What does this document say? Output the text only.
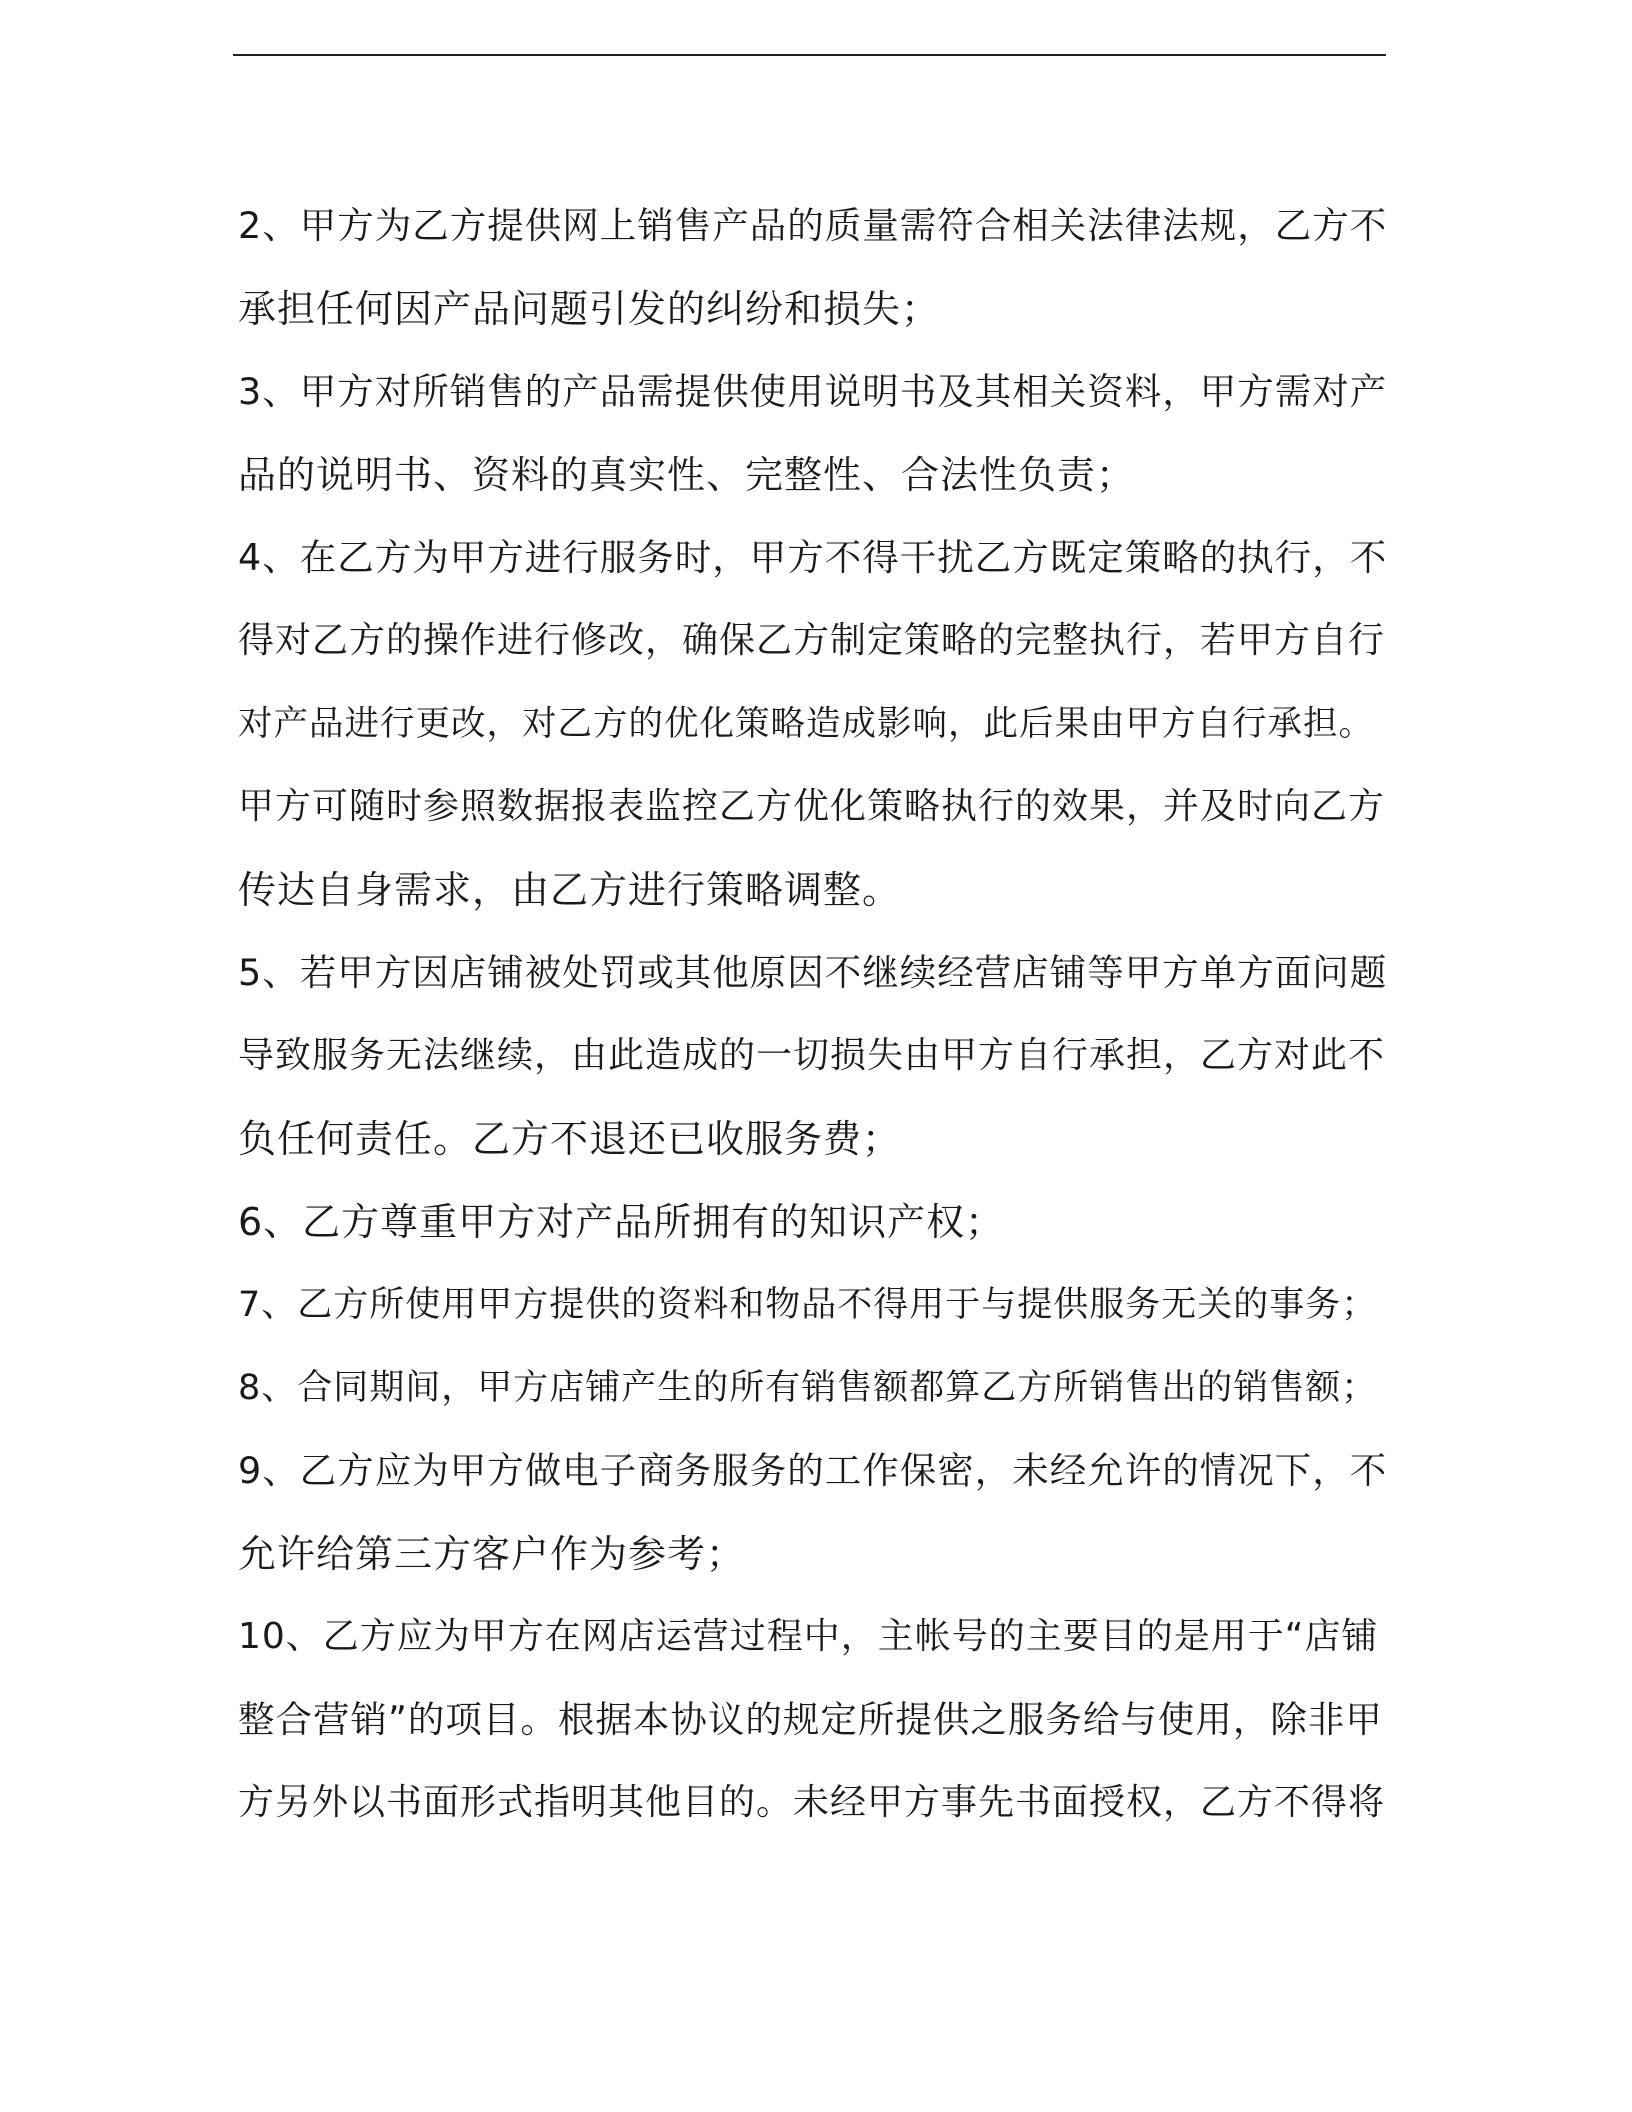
2、甲方为乙方提供网上销售产品的质量需符合相关法律法规，乙方不
承担任何因产品问题引发的纠纷和损失；
3、甲方对所销售的产品需提供使用说明书及其相关资料，甲方需对产
品的说明书、资料的真实性、完整性、合法性负责；
4、在乙方为甲方进行服务时，甲方不得干扰乙方既定策略的执行，不
得对乙方的操作进行修改，确保乙方制定策略的完整执行，若甲方自行
对产品进行更改，对乙方的优化策略造成影响，此后果由甲方自行承担。
甲方可随时参照数据报表监控乙方优化策略执行的效果，并及时向乙方
传达自身需求，由乙方进行策略调整。
5、若甲方因店铺被处罚或其他原因不继续经营店铺等甲方单方面问题
导致服务无法继续，由此造成的一切损失由甲方自行承担，乙方对此不
负任何责任。乙方不退还已收服务费；
6、乙方尊重甲方对产品所拥有的知识产权；
7、乙方所使用甲方提供的资料和物品不得用于与提供服务无关的事务；
8、合同期间，甲方店铺产生的所有销售额都算乙方所销售出的销售额；
9、乙方应为甲方做电子商务服务的工作保密，未经允许的情况下，不
允许给第三方客户作为参考；
10、乙方应为甲方在网店运营过程中，主帐号的主要目的是用于“店铺
整合营销”的项目。根据本协议的规定所提供之服务给与使用，除非甲
方另外以书面形式指明其他目的。未经甲方事先书面授权，乙方不得将
